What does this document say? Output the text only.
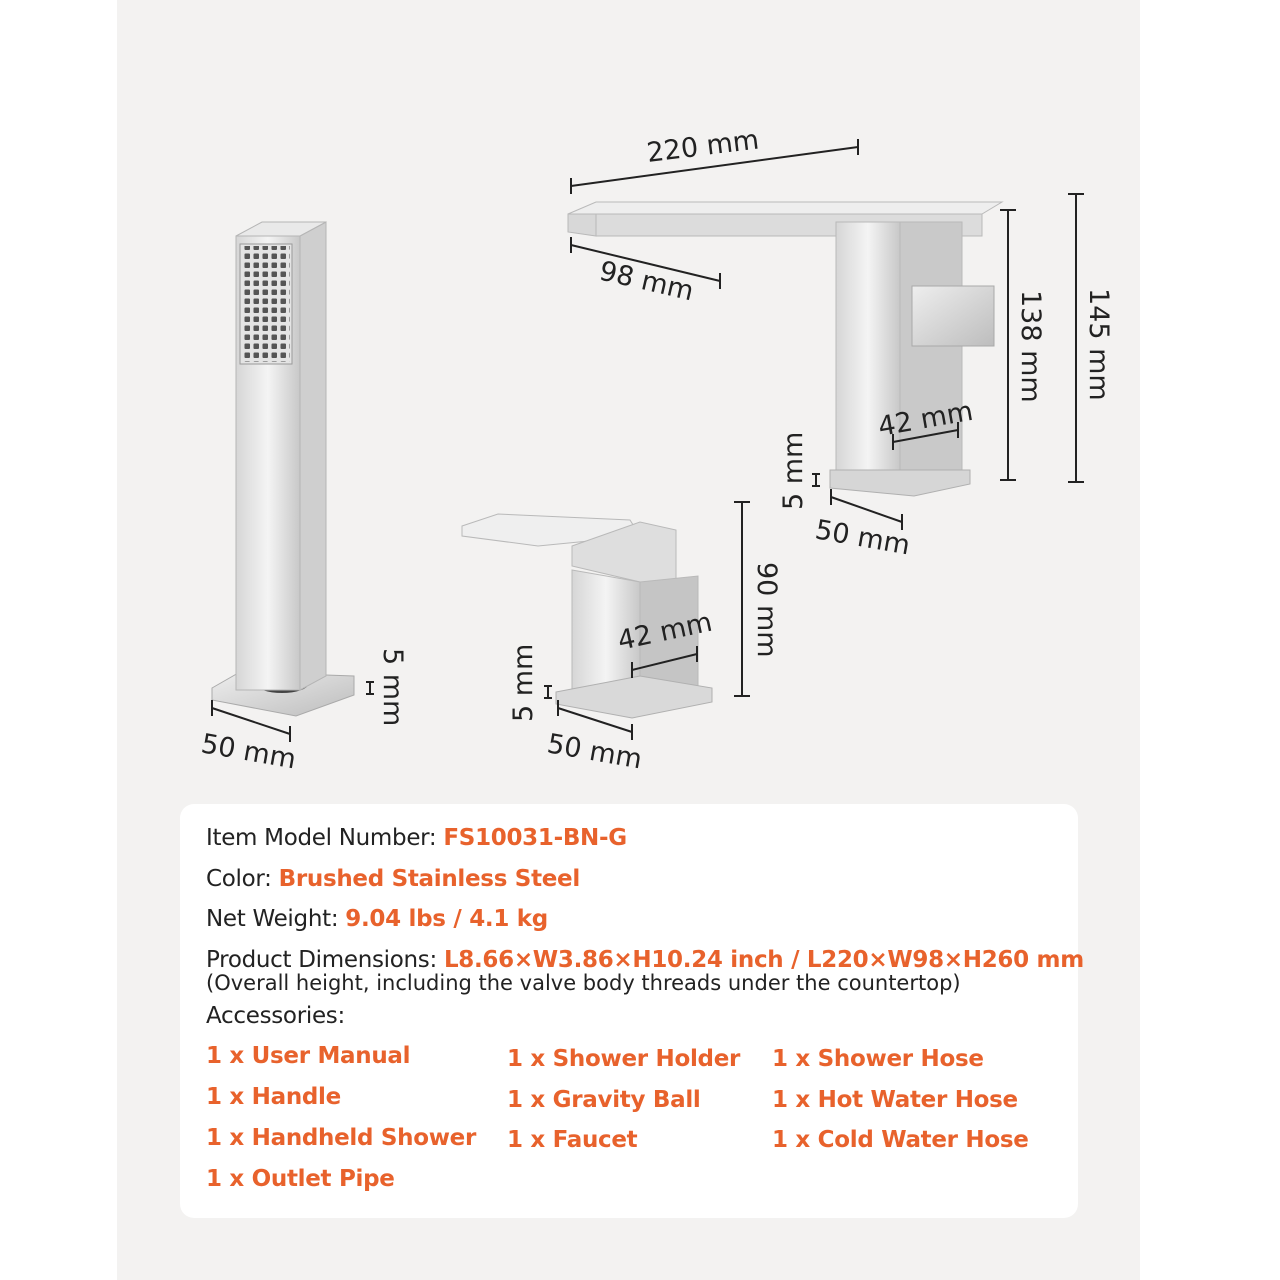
220 mm
98 mm
138 mm 145 mm
42 mm
5 mm
50 mm
90 mm
42 mm
5 mm
50 mm
5 mm
50 mm
Item Model Number: FS10031-BN-G
Color: Brushed Stainless Steel
Net Weight: 9.04 lbs / 4.1 kg
Product Dimensions: L8.66×W3.86×H10.24 inch / L220×W98×H260 mm
(Overall height, including the valve body threads under the countertop)
Accessories:
1 x User Manual
1 x Handle
1 x Handheld Shower
1 x Outlet Pipe
1 x Shower Holder
1 x Gravity Ball
1 x Faucet
1 x Shower Hose
1 x Hot Water Hose
1 x Cold Water Hose
